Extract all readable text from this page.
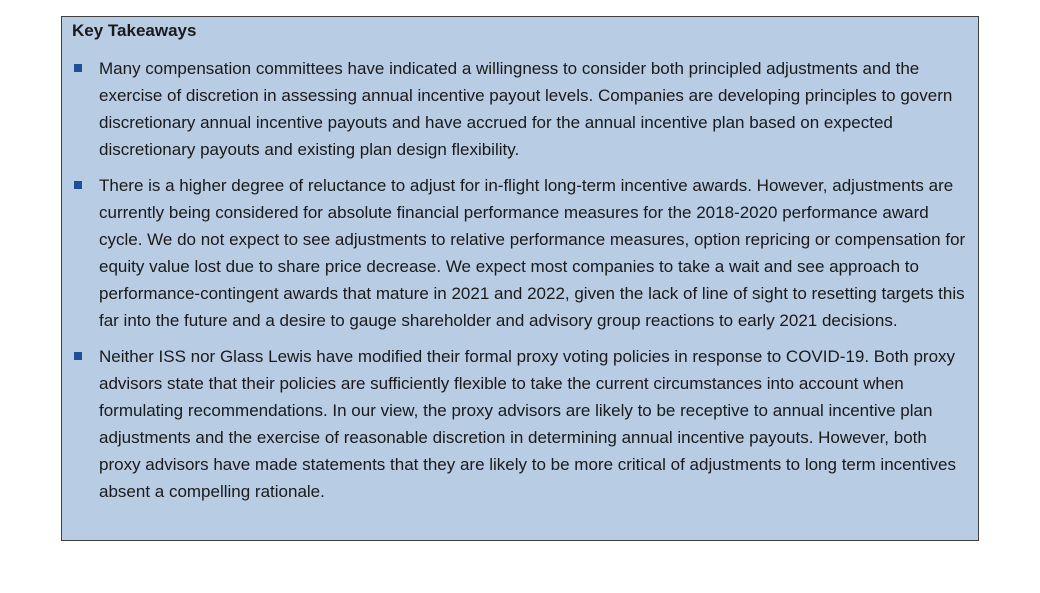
Key Takeaways
Many compensation committees have indicated a willingness to consider both principled adjustments and the exercise of discretion in assessing annual incentive payout levels. Companies are developing principles to govern discretionary annual incentive payouts and have accrued for the annual incentive plan based on expected discretionary payouts and existing plan design flexibility.
There is a higher degree of reluctance to adjust for in-flight long-term incentive awards. However, adjustments are currently being considered for absolute financial performance measures for the 2018-2020 performance award cycle. We do not expect to see adjustments to relative performance measures, option repricing or compensation for equity value lost due to share price decrease. We expect most companies to take a wait and see approach to performance-contingent awards that mature in 2021 and 2022, given the lack of line of sight to resetting targets this far into the future and a desire to gauge shareholder and advisory group reactions to early 2021 decisions.
Neither ISS nor Glass Lewis have modified their formal proxy voting policies in response to COVID-19. Both proxy advisors state that their policies are sufficiently flexible to take the current circumstances into account when formulating recommendations. In our view, the proxy advisors are likely to be receptive to annual incentive plan adjustments and the exercise of reasonable discretion in determining annual incentive payouts. However, both proxy advisors have made statements that they are likely to be more critical of adjustments to long term incentives absent a compelling rationale.
